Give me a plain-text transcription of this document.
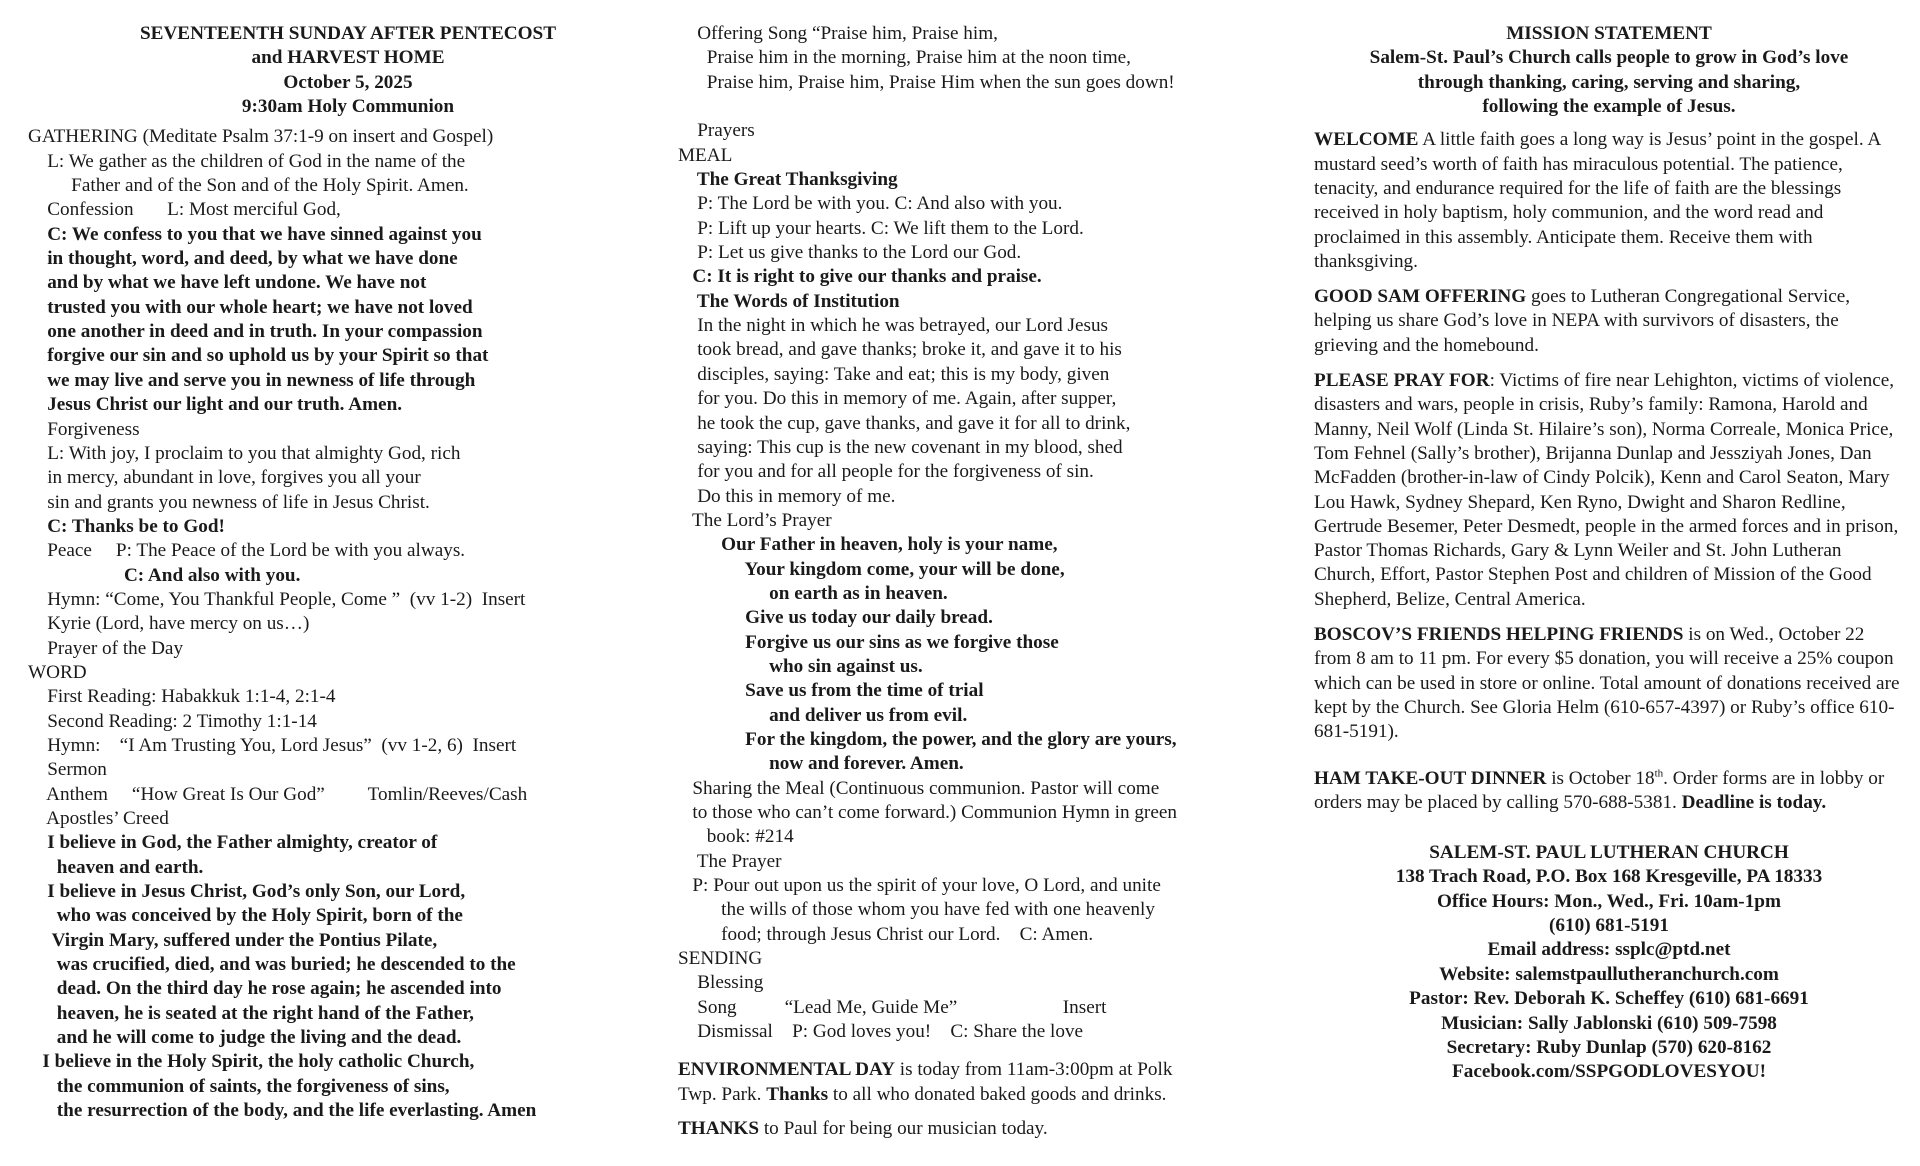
SEVENTEENTH SUNDAY AFTER PENTECOST
and HARVEST HOME
October 5, 2025
9:30am Holy Communion
GATHERING (Meditate Psalm 37:1-9 on insert and Gospel)
L: We gather as the children of God in the name of the
Father and of the Son and of the Holy Spirit. Amen.
Confession       L: Most merciful God,
C: We confess to you that we have sinned against you
in thought, word, and deed, by what we have done
and by what we have left undone. We have not
trusted you with our whole heart; we have not loved
one another in deed and in truth. In your compassion
forgive our sin and so uphold us by your Spirit so that
we may live and serve you in newness of life through
Jesus Christ our light and our truth. Amen.
Forgiveness
L: With joy, I proclaim to you that almighty God, rich
in mercy, abundant in love, forgives you all your
sin and grants you newness of life in Jesus Christ.
C: Thanks be to God!
Peace     P: The Peace of the Lord be with you always.
C: And also with you.
Hymn: “Come, You Thankful People, Come ”  (vv 1-2)  Insert
Kyrie (Lord, have mercy on us…)
Prayer of the Day
WORD
First Reading: Habakkuk 1:1-4, 2:1-4
Second Reading: 2 Timothy 1:1-14
Hymn:    “I Am Trusting You, Lord Jesus”  (vv 1-2, 6)  Insert
Sermon
Anthem     “How Great Is Our God”         Tomlin/Reeves/Cash
Apostles’ Creed
I believe in God, the Father almighty, creator of
heaven and earth.
I believe in Jesus Christ, God’s only Son, our Lord,
who was conceived by the Holy Spirit, born of the
Virgin Mary, suffered under the Pontius Pilate,
was crucified, died, and was buried; he descended to the
dead. On the third day he rose again; he ascended into
heaven, he is seated at the right hand of the Father,
and he will come to judge the living and the dead.
I believe in the Holy Spirit, the holy catholic Church,
the communion of saints, the forgiveness of sins,
the resurrection of the body, and the life everlasting. Amen
Offering Song “Praise him, Praise him,
Praise him in the morning, Praise him at the noon time,
Praise him, Praise him, Praise Him when the sun goes down!
Prayers
MEAL
The Great Thanksgiving
P: The Lord be with you. C: And also with you.
P: Lift up your hearts. C: We lift them to the Lord.
P: Let us give thanks to the Lord our God.
C: It is right to give our thanks and praise.
The Words of Institution
In the night in which he was betrayed, our Lord Jesus
took bread, and gave thanks; broke it, and gave it to his
disciples, saying: Take and eat; this is my body, given
for you. Do this in memory of me. Again, after supper,
he took the cup, gave thanks, and gave it for all to drink,
saying: This cup is the new covenant in my blood, shed
for you and for all people for the forgiveness of sin.
Do this in memory of me.
The Lord’s Prayer
Our Father in heaven, holy is your name,
Your kingdom come, your will be done,
on earth as in heaven.
Give us today our daily bread.
Forgive us our sins as we forgive those
who sin against us.
Save us from the time of trial
and deliver us from evil.
For the kingdom, the power, and the glory are yours,
now and forever. Amen.
Sharing the Meal (Continuous communion. Pastor will come
to those who can’t come forward.) Communion Hymn in green
book: #214
The Prayer
P: Pour out upon us the spirit of your love, O Lord, and unite
the wills of those whom you have fed with one heavenly
food; through Jesus Christ our Lord.    C: Amen.
SENDING
Blessing
Song          “Lead Me, Guide Me”                      Insert
Dismissal    P: God loves you!    C: Share the love
ENVIRONMENTAL DAY is today from 11am-3:00pm at Polk
Twp. Park. Thanks to all who donated baked goods and drinks.
THANKS to Paul for being our musician today.
MISSION STATEMENT
Salem-St. Paul’s Church calls people to grow in God’s love
through thanking, caring, serving and sharing,
following the example of Jesus.

WELCOME A little faith goes a long way is Jesus’ point in the gospel. A mustard seed’s worth of faith has miraculous potential. The patience, tenacity, and endurance required for the life of faith are the blessings received in holy baptism, holy communion, and the word read and proclaimed in this assembly. Anticipate them. Receive them with thanksgiving.

GOOD SAM OFFERING goes to Lutheran Congregational Service, helping us share God’s love in NEPA with survivors of disasters, the grieving and the homebound.

PLEASE PRAY FOR: Victims of fire near Lehighton, victims of violence, disasters and wars, people in crisis, Ruby’s family: Ramona, Harold and Manny, Neil Wolf (Linda St. Hilaire’s son), Norma Correale, Monica Price, Tom Fehnel (Sally’s brother), Brijanna Dunlap and Jessziyah Jones, Dan McFadden (brother-in-law of Cindy Polcik), Kenn and Carol Seaton, Mary Lou Hawk, Sydney Shepard, Ken Ryno, Dwight and Sharon Redline, Gertrude Besemer, Peter Desmedt, people in the armed forces and in prison, Pastor Thomas Richards, Gary & Lynn Weiler and St. John Lutheran Church, Effort, Pastor Stephen Post and children of Mission of the Good Shepherd, Belize, Central America.

BOSCOV’S FRIENDS HELPING FRIENDS is on Wed., October 22 from 8 am to 11 pm. For every $5 donation, you will receive a 25% coupon which can be used in store or online. Total amount of donations received are kept by the Church. See Gloria Helm (610-657-4397) or Ruby’s office 610-681-5191).

HAM TAKE-OUT DINNER is October 18th. Order forms are in lobby or orders may be placed by calling 570-688-5381. Deadline is today.

SALEM-ST. PAUL LUTHERAN CHURCH
138 Trach Road, P.O. Box 168 Kresgeville, PA 18333
Office Hours: Mon., Wed., Fri. 10am-1pm
(610) 681-5191
Email address: ssplc@ptd.net
Website: salemstpaullutheranchurch.com
Pastor: Rev. Deborah K. Scheffey (610) 681-6691
Musician: Sally Jablonski (610) 509-7598
Secretary: Ruby Dunlap (570) 620-8162
Facebook.com/SSPGODLOVESYOU!
